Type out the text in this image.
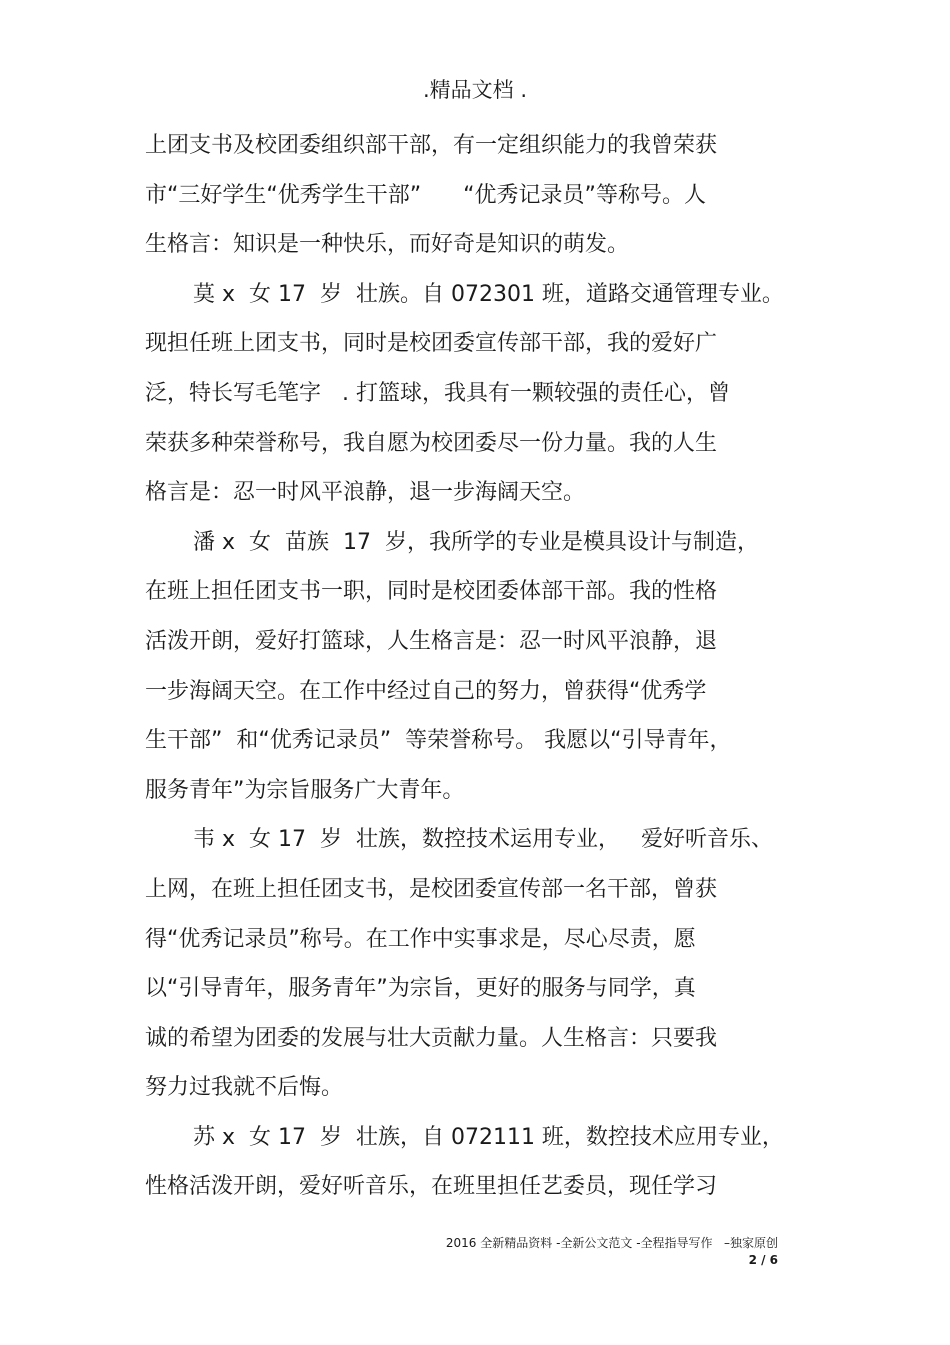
.精品文档 .
上团支书及校团委组织部干部，有一定组织能力的我曾荣获
市“三好学生“优秀学生干部”      “优秀记录员”等称号。人
生格言：知识是一种快乐，而好奇是知识的萌发。
莫 x  女 17  岁  壮族。自 072301 班，道路交通管理专业。
现担任班上团支书，同时是校团委宣传部干部，我的爱好广
泛，特长写毛笔字   . 打篮球，我具有一颗较强的责任心，曾
荣获多种荣誉称号，我自愿为校团委尽一份力量。我的人生
格言是：忍一时风平浪静，退一步海阔天空。
潘 x  女  苗族  17  岁，我所学的专业是模具设计与制造，
在班上担任团支书一职，同时是校团委体部干部。我的性格
活泼开朗，爱好打篮球，人生格言是：忍一时风平浪静，退
一步海阔天空。在工作中经过自己的努力，曾获得“优秀学
生干部”  和“优秀记录员”  等荣誉称号。 我愿以“引导青年，
服务青年”为宗旨服务广大青年。
韦 x  女 17  岁  壮族，数控技术运用专业，   爱好听音乐、
上网，在班上担任团支书，是校团委宣传部一名干部，曾获
得“优秀记录员”称号。在工作中实事求是，尽心尽责，愿
以“引导青年，服务青年”为宗旨，更好的服务与同学，真
诚的希望为团委的发展与壮大贡献力量。人生格言：只要我
努力过我就不后悔。
苏 x  女 17  岁  壮族，自 072111 班，数控技术应用专业，
性格活泼开朗，爱好听音乐，在班里担任艺委员，现任学习
2016 全新精品资料 -全新公文范文 -全程指导写作   –独家原创
2 / 6
